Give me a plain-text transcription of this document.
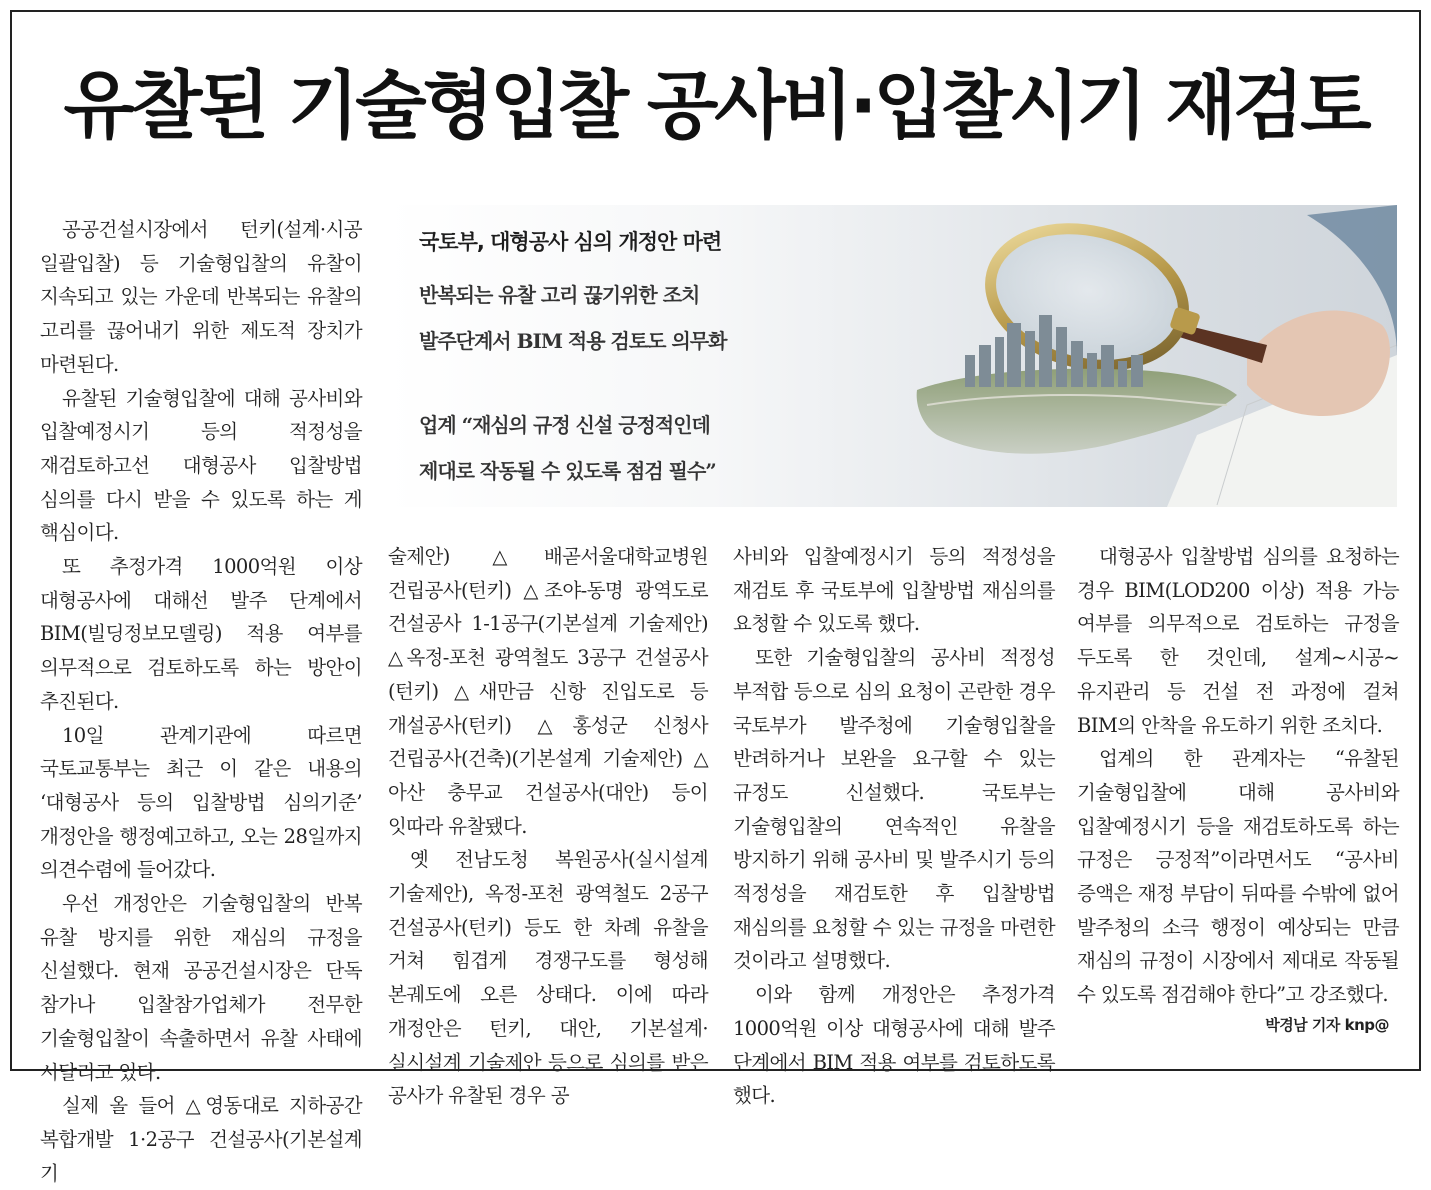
유찰된 기술형입찰 공사비·입찰시기 재검토
국토부, 대형공사 심의 개정안 마련
반복되는 유찰 고리 끊기위한 조치
발주단계서 BIM 적용 검토도 의무화
업계 “재심의 규정 신설 긍정적인데
제대로 작동될 수 있도록 점검 필수”

공공건설시장에서 턴키(설계·시공 일괄입찰) 등 기술형입찰의 유찰이 지속되고 있는 가운데 반복되는 유찰의 고리를 끊어내기 위한 제도적 장치가 마련된다.

유찰된 기술형입찰에 대해 공사비와 입찰예정시기 등의 적정성을 재검토하고선 대형공사 입찰방법 심의를 다시 받을 수 있도록 하는 게 핵심이다.

또 추정가격 1000억원 이상 대형공사에 대해선 발주 단계에서 BIM(빌딩정보모델링) 적용 여부를 의무적으로 검토하도록 하는 방안이 추진된다.

10일 관계기관에 따르면 국토교통부는 최근 이 같은 내용의 ‘대형공사 등의 입찰방법 심의기준’ 개정안을 행정예고하고, 오는 28일까지 의견수렴에 들어갔다.

우선 개정안은 기술형입찰의 반복 유찰 방지를 위한 재심의 규정을 신설했다. 현재 공공건설시장은 단독 참가나 입찰참가업체가 전무한 기술형입찰이 속출하면서 유찰 사태에 시달리고 있다.

실제 올 들어 △영동대로 지하공간 복합개발 1·2공구 건설공사(기본설계 기

술제안) △배곧서울대학교병원 건립공사(턴키) △조야-동명 광역도로 건설공사 1-1공구(기본설계 기술제안) △옥정-포천 광역철도 3공구 건설공사(턴키) △새만금 신항 진입도로 등 개설공사(턴키) △홍성군 신청사 건립공사(건축)(기본설계 기술제안) △아산 충무교 건설공사(대안) 등이 잇따라 유찰됐다.

옛 전남도청 복원공사(실시설계 기술제안), 옥정-포천 광역철도 2공구 건설공사(턴키) 등도 한 차례 유찰을 거쳐 힘겹게 경쟁구도를 형성해 본궤도에 오른 상태다. 이에 따라 개정안은 턴키, 대안, 기본설계·실시설계 기술제안 등으로 심의를 받은 공사가 유찰된 경우 공

사비와 입찰예정시기 등의 적정성을 재검토 후 국토부에 입찰방법 재심의를 요청할 수 있도록 했다.

또한 기술형입찰의 공사비 적정성 부적합 등으로 심의 요청이 곤란한 경우 국토부가 발주청에 기술형입찰을 반려하거나 보완을 요구할 수 있는 규정도 신설했다. 국토부는 기술형입찰의 연속적인 유찰을 방지하기 위해 공사비 및 발주시기 등의 적정성을 재검토한 후 입찰방법 재심의를 요청할 수 있는 규정을 마련한 것이라고 설명했다.

이와 함께 개정안은 추정가격 1000억원 이상 대형공사에 대해 발주 단계에서 BIM 적용 여부를 검토하도록 했다.

대형공사 입찰방법 심의를 요청하는 경우 BIM(LOD200 이상) 적용 가능 여부를 의무적으로 검토하는 규정을 두도록 한 것인데, 설계~시공~유지관리 등 건설 전 과정에 걸쳐 BIM의 안착을 유도하기 위한 조치다.

업계의 한 관계자는 “유찰된 기술형입찰에 대해 공사비와 입찰예정시기 등을 재검토하도록 하는 규정은 긍정적”이라면서도 “공사비 증액은 재정 부담이 뒤따를 수밖에 없어 발주청의 소극 행정이 예상되는 만큼 재심의 규정이 시장에서 제대로 작동될 수 있도록 점검해야 한다”고 강조했다.

박경남 기자 knp@
